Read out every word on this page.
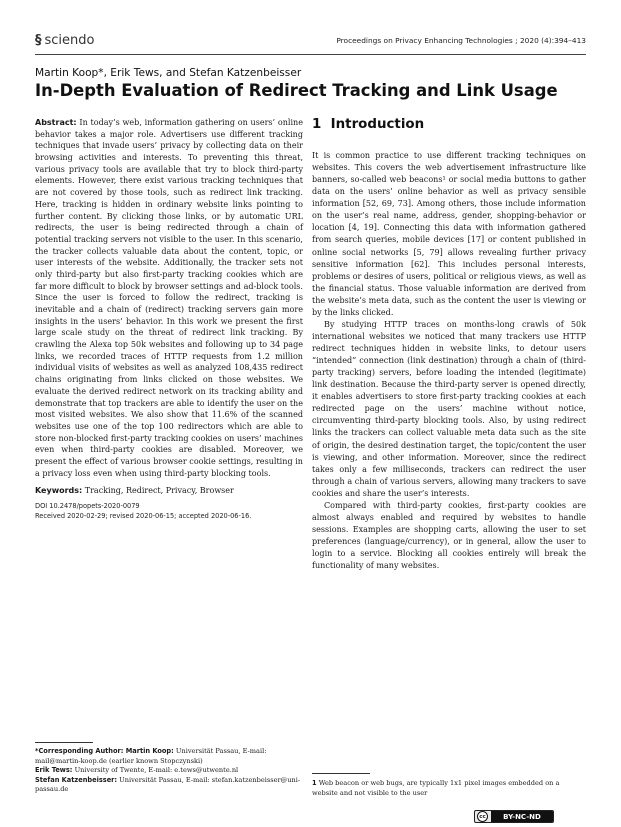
§ sciendo	Proceedings on Privacy Enhancing Technologies ; 2020 (4):394–413
Martin Koop*, Erik Tews, and Stefan Katzenbeisser
In-Depth Evaluation of Redirect Tracking and Link Usage
Abstract: In today’s web, information gathering on users’ online behavior takes a major role. Advertisers use different tracking techniques that invade users’ privacy by collecting data on their browsing activities and interests. To preventing this threat, various privacy tools are available that try to block third-party elements. However, there exist various tracking techniques that are not covered by those tools, such as redirect link tracking. Here, tracking is hidden in ordinary website links pointing to further content. By clicking those links, or by automatic URL redirects, the user is being redirected through a chain of potential tracking servers not visible to the user. In this scenario, the tracker collects valuable data about the content, topic, or user interests of the website. Additionally, the tracker sets not only third-party but also first-party tracking cookies which are far more difficult to block by browser settings and ad-block tools. Since the user is forced to follow the redirect, tracking is inevitable and a chain of (redirect) tracking servers gain more insights in the users’ behavior. In this work we present the first large scale study on the threat of redirect link tracking. By crawling the Alexa top 50k websites and following up to 34 page links, we recorded traces of HTTP requests from 1.2 million individual visits of websites as well as analyzed 108,435 redirect chains originating from links clicked on those websites. We evaluate the derived redirect network on its tracking ability and demonstrate that top trackers are able to identify the user on the most visited websites. We also show that 11.6% of the scanned websites use one of the top 100 redirectors which are able to store non-blocked first-party tracking cookies on users’ machines even when third-party cookies are disabled. Moreover, we present the effect of various browser cookie settings, resulting in a privacy loss even when using third-party blocking tools.
Keywords: Tracking, Redirect, Privacy, Browser
DOI 10.2478/popets-2020-0079
Received 2020-02-29; revised 2020-06-15; accepted 2020-06-16.
*Corresponding Author: Martin Koop: Universität Passau, E-mail: mail@martin-koop.de (earlier known Stopczynski)
Erik Tews: University of Twente, E-mail: e.tews@utwente.nl
Stefan Katzenbeisser: Universität Passau, E-mail: stefan.katzenbeisser@uni-passau.de
1 Introduction

It is common practice to use different tracking techniques on websites. This covers the web advertisement infrastructure like banners, so-called web beacons¹ or social media buttons to gather data on the users’ online behavior as well as privacy sensible information [52, 69, 73]. Among others, those include information on the user’s real name, address, gender, shopping-behavior or location [4, 19]. Connecting this data with information gathered from search queries, mobile devices [17] or content published in online social networks [5, 79] allows revealing further privacy sensitive information [62]. This includes personal interests, problems or desires of users, political or religious views, as well as the financial status. Those valuable information are derived from the website’s meta data, such as the content the user is viewing or by the links clicked.

By studying HTTP traces on months-long crawls of 50k international websites we noticed that many trackers use HTTP redirect techniques hidden in website links, to detour users “intended” connection (link destination) through a chain of (third-party tracking) servers, before loading the intended (legitimate) link destination. Because the third-party server is opened directly, it enables advertisers to store first-party tracking cookies at each redirected page on the users’ machine without notice, circumventing third-party blocking tools. Also, by using redirect links the trackers can collect valuable meta data such as the site of origin, the desired destination target, the topic/content the user is viewing, and other information. Moreover, since the redirect takes only a few milliseconds, trackers can redirect the user through a chain of various servers, allowing many trackers to save cookies and share the user’s interests.

Compared with third-party cookies, first-party cookies are almost always enabled and required by websites to handle sessions. Examples are shopping carts, allowing the user to set preferences (language/currency), or in general, allow the user to login to a service. Blocking all cookies entirely will break the functionality of many websites.

1 Web beacon or web bugs, are typically 1x1 pixel images embedded on a website and not visible to the user
cc	BY-NC-ND
